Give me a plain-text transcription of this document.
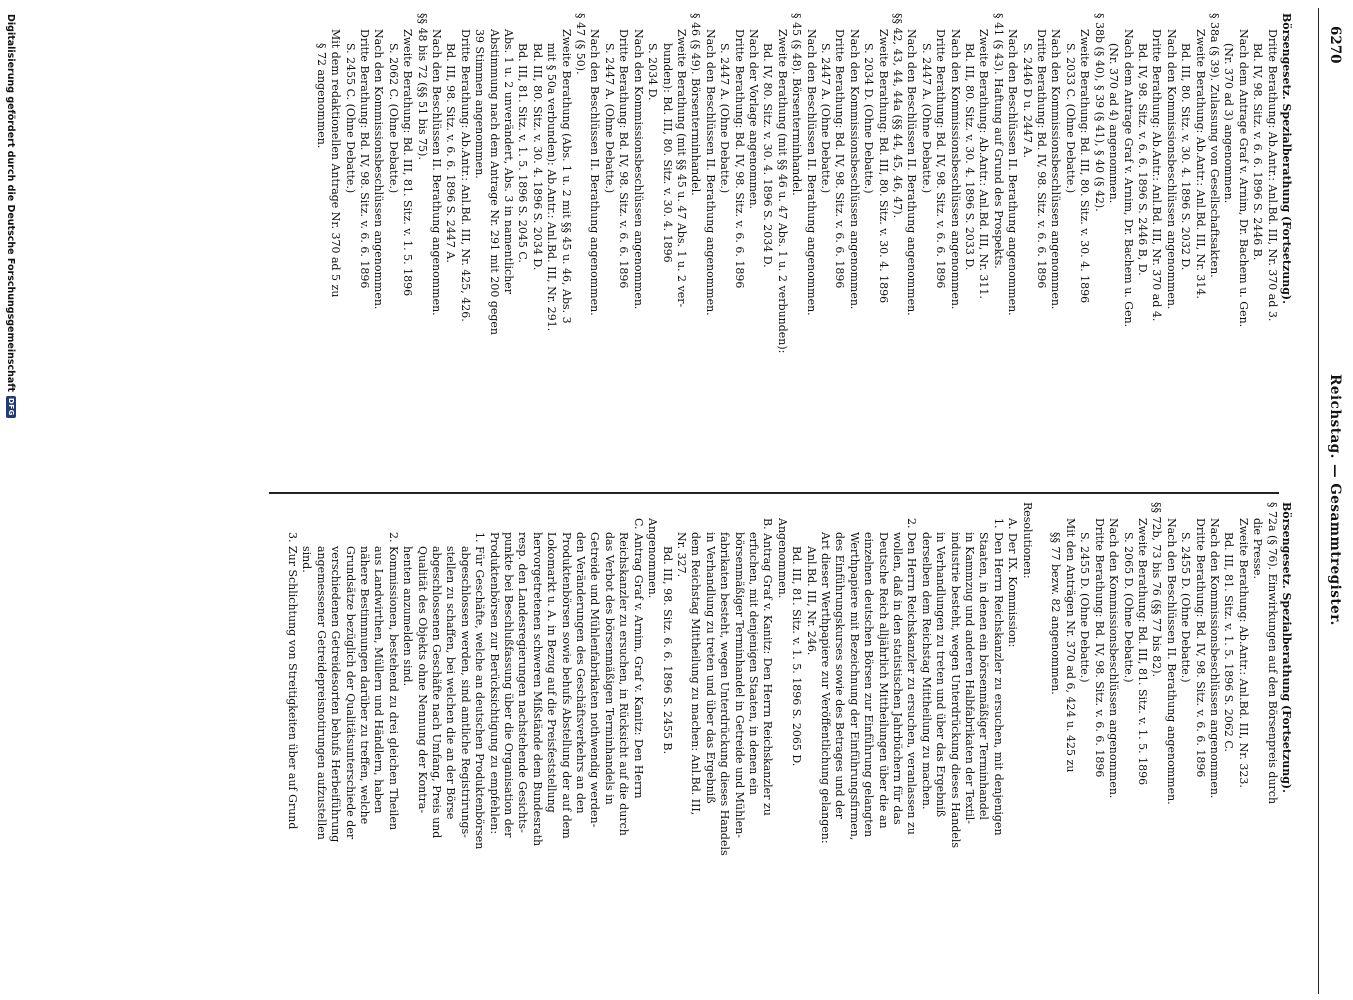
6270
Reichstag. — Gesammtregister.
Börsengesetz. Spezialberathung (Fortsetzung).
Dritte Berathung: Ab.Antr.: Anl.Bd. III, Nr. 370 ad 3.
Bd. IV, 98. Sitz. v. 6. 6. 1896 S. 2446 B.
Nach dem Antrage Graf v. Arnim, Dr. Bachem u. Gen.
(Nr. 370 ad 3) angenommen.
§ 38a (§ 39). Zulassung von Gesellschaftsakten.
Zweite Berathung: Ab.Antr.: Anl.Bd. III, Nr. 314.
Bd. III, 80. Sitz. v. 30. 4. 1896 S. 2032 D.
Nach den Kommissionsbeschlüssen angenommen.
Dritte Berathung: Ab.Antr.: Anl.Bd. III, Nr. 370 ad 4.
Bd. IV, 98. Sitz. v. 6. 6. 1896 S. 2446 B, D.
Nach dem Antrage Graf v. Arnim, Dr. Bachem u. Gen.
(Nr. 370 ad 4) angenommen.
§ 38b (§ 40), § 39 (§ 41), § 40 (§ 42).
Zweite Berathung: Bd. III, 80. Sitz. v. 30. 4. 1896
S. 2033 C. (Ohne Debatte.)
Nach den Kommissionsbeschlüssen angenommen.
Dritte Berathung: Bd. IV, 98. Sitz. v. 6. 6. 1896
S. 2446 D u. 2447 A.
Nach den Beschlüssen II. Berathung angenommen.
§ 41 (§ 43). Haftung auf Grund des Prospekts.
Zweite Berathung: Ab.Antr.: Anl.Bd. III, Nr. 311.
Bd. III, 80. Sitz. v. 30. 4. 1896 S. 2033 D.
Nach den Kommissionsbeschlüssen angenommen.
Dritte Berathung: Bd. IV, 98. Sitz. v. 6. 6. 1896
S. 2447 A. (Ohne Debatte.)
Nach den Beschlüssen II. Berathung angenommen.
§§ 42, 43, 44, 44a (§§ 44, 45, 46, 47).
Zweite Berathung: Bd. III, 80. Sitz. v. 30. 4. 1896
S. 2034 D. (Ohne Debatte.)
Nach den Kommissionsbeschlüssen angenommen.
Dritte Berathung: Bd. IV, 98. Sitz. v. 6. 6. 1896
S. 2447 A. (Ohne Debatte.)
Nach den Beschlüssen II. Berathung angenommen.
§ 45 (§ 48). Börsenterminhandel.
Zweite Berathung (mit §§ 46 u. 47 Abs. 1 u. 2 verbunden):
Bd. IV, 80. Sitz. v. 30. 4. 1896 S. 2034 D.
Nach der Vorlage angenommen.
Dritte Berathung: Bd. IV, 98. Sitz. v. 6. 6. 1896
S. 2447 A. (Ohne Debatte.)
Nach den Beschlüssen II. Berathung angenommen.
§ 46 (§ 49). Börsenterminhandel.
Zweite Berathung (mit §§ 45 u. 47 Abs. 1 u. 2 ver-
bunden): Bd. III, 80. Sitz. v. 30. 4. 1896
S. 2034 D.
Nach den Kommissionsbeschlüssen angenommen.
Dritte Berathung: Bd. IV, 98. Sitz. v. 6. 6. 1896
S. 2447 A. (Ohne Debatte.)
Nach den Beschlüssen II. Berathung angenommen.
§ 47 (§ 50).
Zweite Berathung (Abs. 1 u. 2 mit §§ 45 u. 46, Abs. 3
mit § 50a verbunden): Ab.Antr.: Anl.Bd. III, Nr. 291.
Bd. III, 80. Sitz. v. 30. 4. 1896 S. 2034 D.
Bd. III, 81. Sitz. v. 1. 5. 1896 S. 2045 C.
Abs. 1 u. 2 unverändert, Abs. 3 in namentlicher
Abstimmung nach dem Antrage Nr. 291 mit 200 gegen
39 Stimmen angenommen.
Dritte Berathung: Ab.Antr.: Anl.Bd. III, Nr. 425, 426.
Bd. III, 98. Sitz. v. 6. 6. 1896 S. 2447 A.
Nach den Beschlüssen II. Berathung angenommen.
§§ 48 bis 72 (§§ 51 bis 75).
Zweite Berathung: Bd. III, 81. Sitz. v. 1. 5. 1896
S. 2062 C. (Ohne Debatte.)
Nach den Kommissionsbeschlüssen angenommen.
Dritte Berathung: Bd. IV, 98. Sitz. v. 6. 6. 1896
S. 2455 C. (Ohne Debatte.)
Mit dem redaktionellen Antrage Nr. 370 ad 5 zu
§ 72 angenommen.
Börsengesetz. Spezialberathung (Fortsetzung).
§ 72a (§ 76). Einwirkungen auf den Börsenpreis durch
die Presse.
Zweite Berathung: Ab.Antr.: Anl.Bd. III, Nr. 323.
Bd. III, 81. Sitz. v. 1. 5. 1896 S. 2062 C.
Nach den Kommissionsbeschlüssen angenommen.
Dritte Berathung: Bd. IV, 98. Sitz. v. 6. 6. 1896
S. 2455 D. (Ohne Debatte.)
Nach den Beschlüssen II. Berathung angenommen.
§§ 72b, 73 bis 76 (§§ 77 bis 82).
Zweite Berathung: Bd. III, 81. Sitz. v. 1. 5. 1896
S. 2065 D. (Ohne Debatte.)
Nach den Kommissionsbeschlüssen angenommen.
Dritte Berathung: Bd. IV, 98. Sitz. v. 6. 6. 1896
S. 2455 D. (Ohne Debatte.)
Mit den Anträgen Nr. 370 ad 6, 424 u. 425 zu
§§ 77 bezw. 82 angenommen.

Resolutionen:
A. Der IX. Kommission:
1. Den Herrn Reichskanzler zu ersuchen, mit denjenigen
Staaten, in denen ein börsenmäßiger Terminhandel
in Kammzug und anderen Halbfabrikaten der Textil-
industrie besteht, wegen Unterdrückung dieses Handels
in Verhandlungen zu treten und über das Ergebniß
derselben dem Reichstag Mittheilung zu machen.
2. Den Herrn Reichskanzler zu ersuchen, veranlassen zu
wollen, daß in den statistischen Jahrbüchern für das
Deutsche Reich alljährlich Mittheilungen über die an
einzelnen deutschen Börsen zur Einführung gelangten
Werthpapiere mit Bezeichnung der Einführungsfirmen,
des Einführungskurses sowie des Betrages und der
Art dieser Werthpapiere zur Veröffentlichung gelangen:
Anl.Bd. III, Nr. 246.
Bd. III, 81. Sitz. v. 1. 5. 1896 S. 2065 D.
Angenommen.
B. Antrag Graf v. Kanitz: Den Herrn Reichskanzler zu
erfuchen, mit denjenigen Staaten, in denen ein
börsenmäßiger Terminhandel in Getreide und Mühlen-
fabrikaten besteht, wegen Unterdrückung dieses Handels
in Verhandlung zu treten und über das Ergebniß
dem Reichstag Mittheilung zu machen: Anl.Bd. III,
Nr. 327.
Bd. III, 98. Sitz. 6. 6. 1896 S. 2455 B.
Angenommen.
C. Antrag Graf v. Arnim, Graf v. Kanitz: Den Herrn
Reichskanzler zu ersuchen, in Rücksicht auf die durch
das Verbot des börsenmäßigen Terminhandels in
Getreide und Mühlenfabrikaten nothwendig werden-
den Veränderungen des Geschäftsverkehrs an den
Produktenbörsen sowie behufs Abstellung der auf dem
Lokomarkt u. A. in Bezug auf die Preisfeststellung
hervorgetretenen schweren Mißstände dem Bundesrath
resp. den Landesregierungen nachstehende Gesichts-
punkte bei Beschlußfassung über die Organisation der
Produktenbörsen zur Berücksichtigung zu empfehlen:
1. Für Geschäfte, welche an deutschen Produktenbörsen
abgeschlossen werden, sind amtliche Registrirungs-
stellen zu schaffen, bei welchen die an der Börse
abgeschlossenen Geschäfte nach Umfang, Preis und
Qualität des Objekts ohne Nennung der Kontra-
henten anzumelden sind.
2. Kommissionen, bestehend zu drei gleichen Theilen
aus Landwirthen, Müllern und Händlern, haben
nähere Bestimmungen darüber zu treffen, welche
Grundsätze bezüglich der Qualitätsunterschiede der
verschiedenen Getreidesorten behufs Herbeiführung
angemessener Getreidepreisnotirungen aufzustellen
sind.
3. Zur Schlichtung von Streitigkeiten über auf Grund
Digitalisierung gefördert durch die Deutsche Forschungsgemeinschaft
DFG
